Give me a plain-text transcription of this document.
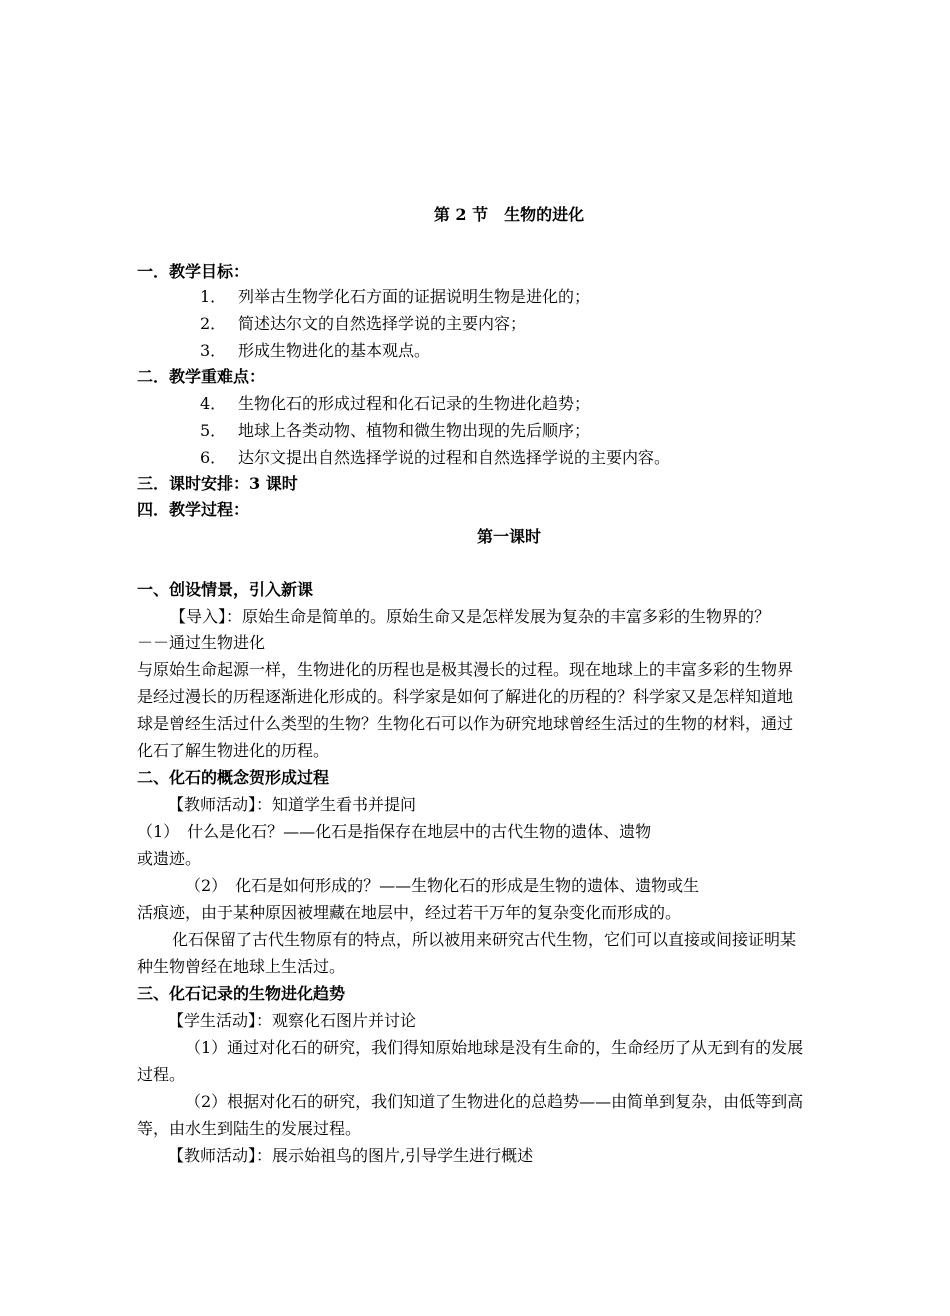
第 2 节　生物的进化
一．教学目标：
1． 列举古生物学化石方面的证据说明生物是进化的；
2． 简述达尔文的自然选择学说的主要内容；
3． 形成生物进化的基本观点。
二．教学重难点：
4． 生物化石的形成过程和化石记录的生物进化趋势；
5． 地球上各类动物、植物和微生物出现的先后顺序；
6． 达尔文提出自然选择学说的过程和自然选择学说的主要内容。
三．课时安排：3 课时
四．教学过程：
第一课时
一、创设情景，引入新课
【导入】：原始生命是简单的。原始生命又是怎样发展为复杂的丰富多彩的生物界的？
－－通过生物进化
与原始生命起源一样，生物进化的历程也是极其漫长的过程。现在地球上的丰富多彩的生物界
是经过漫长的历程逐渐进化形成的。科学家是如何了解进化的历程的？科学家又是怎样知道地
球是曾经生活过什么类型的生物？生物化石可以作为研究地球曾经生活过的生物的材料，通过
化石了解生物进化的历程。
二、化石的概念贺形成过程
【教师活动】：知道学生看书并提问
（1）　什么是化石？——化石是指保存在地层中的古代生物的遗体、遗物
或遗迹。
（2）　化石是如何形成的？——生物化石的形成是生物的遗体、遗物或生
活痕迹，由于某种原因被埋藏在地层中，经过若干万年的复杂变化而形成的。
化石保留了古代生物原有的特点，所以被用来研究古代生物，它们可以直接或间接证明某
种生物曾经在地球上生活过。
三、化石记录的生物进化趋势
【学生活动】：观察化石图片并讨论
（1）通过对化石的研究，我们得知原始地球是没有生命的，生命经历了从无到有的发展
过程。
（2）根据对化石的研究，我们知道了生物进化的总趋势——由简单到复杂，由低等到高
等，由水生到陆生的发展过程。
【教师活动】：展示始祖鸟的图片,引导学生进行概述
